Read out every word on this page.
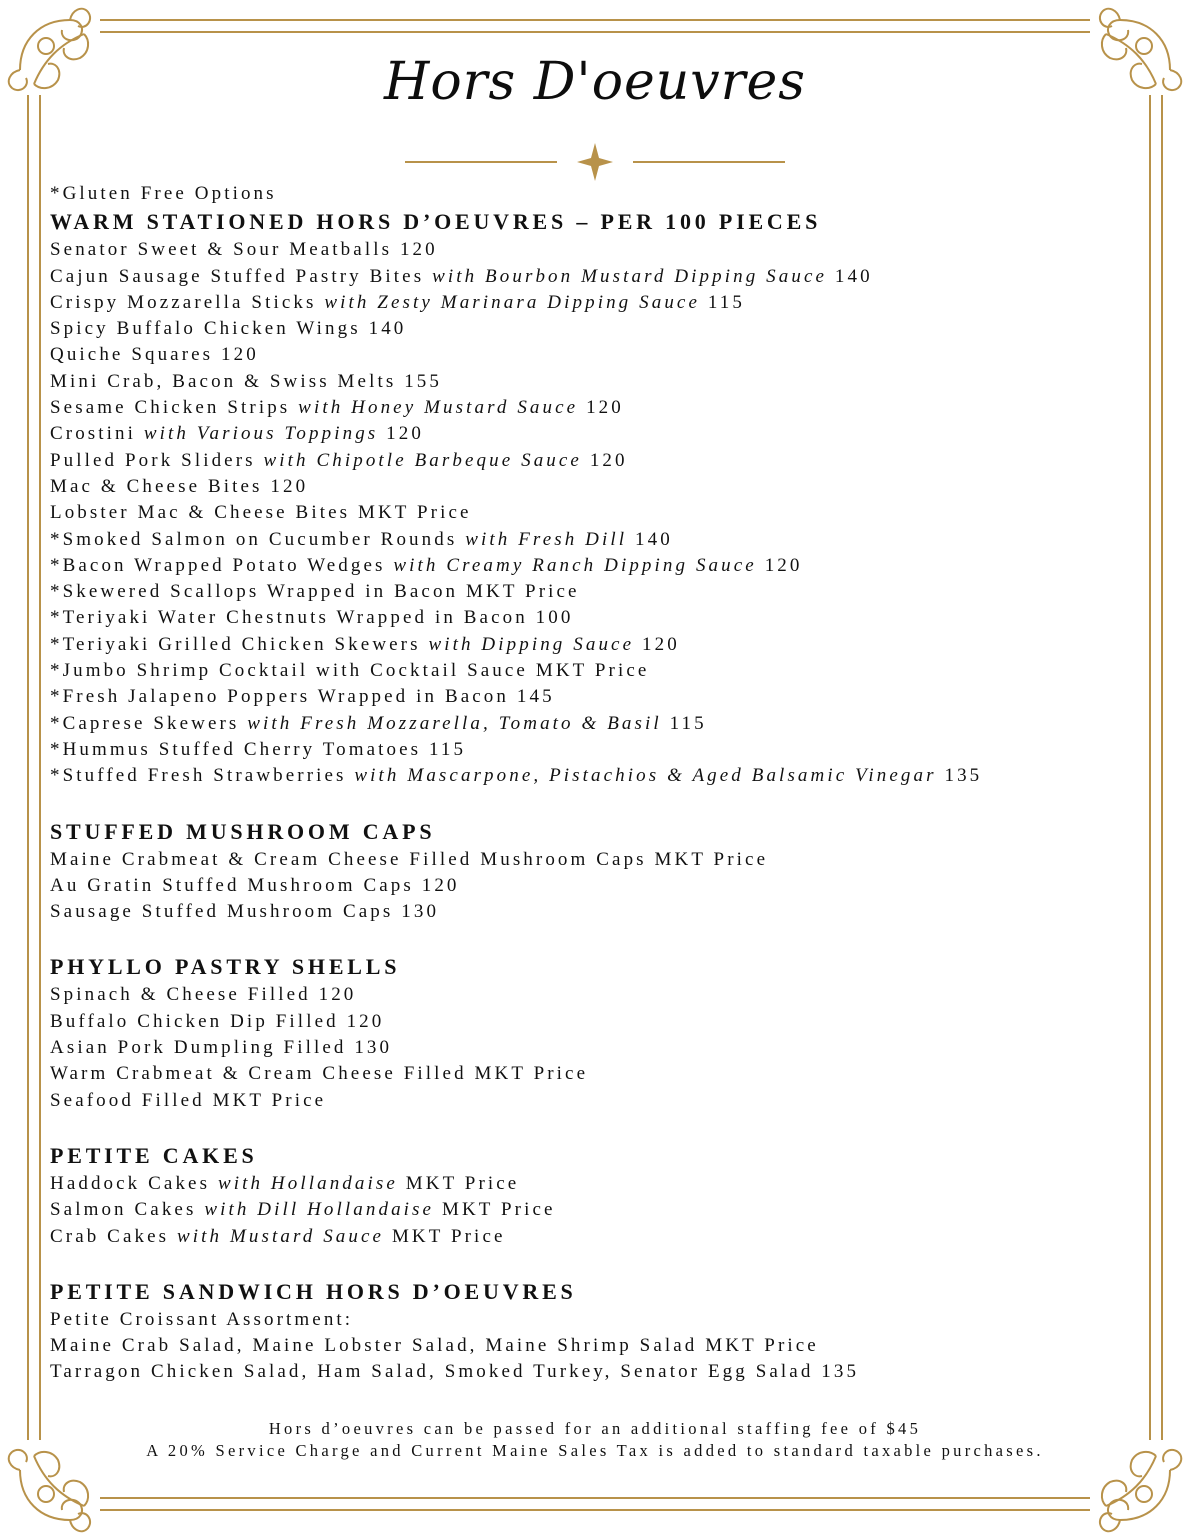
Hors D'oeuvres
*Gluten Free Options
WARM STATIONED HORS D’OEUVRES – PER 100 PIECES
Senator Sweet & Sour Meatballs 120
Cajun Sausage Stuffed Pastry Bites with Bourbon Mustard Dipping Sauce 140
Crispy Mozzarella Sticks with Zesty Marinara Dipping Sauce 115
Spicy Buffalo Chicken Wings 140
Quiche Squares 120
Mini Crab, Bacon & Swiss Melts 155
Sesame Chicken Strips with Honey Mustard Sauce 120
Crostini with Various Toppings 120
Pulled Pork Sliders with Chipotle Barbeque Sauce 120
Mac & Cheese Bites 120
Lobster Mac & Cheese Bites MKT Price
*Smoked Salmon on Cucumber Rounds with Fresh Dill 140
*Bacon Wrapped Potato Wedges with Creamy Ranch Dipping Sauce 120
*Skewered Scallops Wrapped in Bacon MKT Price
*Teriyaki Water Chestnuts Wrapped in Bacon 100
*Teriyaki Grilled Chicken Skewers with Dipping Sauce 120
*Jumbo Shrimp Cocktail with Cocktail Sauce MKT Price
*Fresh Jalapeno Poppers Wrapped in Bacon 145
*Caprese Skewers with Fresh Mozzarella, Tomato & Basil 115
*Hummus Stuffed Cherry Tomatoes 115
*Stuffed Fresh Strawberries with Mascarpone, Pistachios & Aged Balsamic Vinegar 135
STUFFED MUSHROOM CAPS
Maine Crabmeat & Cream Cheese Filled Mushroom Caps MKT Price
Au Gratin Stuffed Mushroom Caps 120
Sausage Stuffed Mushroom Caps 130
PHYLLO PASTRY SHELLS
Spinach & Cheese Filled 120
Buffalo Chicken Dip Filled 120
Asian Pork Dumpling Filled 130
Warm Crabmeat & Cream Cheese Filled MKT Price
Seafood Filled MKT Price
PETITE CAKES
Haddock Cakes with Hollandaise MKT Price
Salmon Cakes with Dill Hollandaise MKT Price
Crab Cakes with Mustard Sauce MKT Price
PETITE SANDWICH HORS D’OEUVRES
Petite Croissant Assortment:
Maine Crab Salad, Maine Lobster Salad, Maine Shrimp Salad MKT Price
Tarragon Chicken Salad, Ham Salad, Smoked Turkey, Senator Egg Salad 135
Hors d’oeuvres can be passed for an additional staffing fee of $45
A 20% Service Charge and Current Maine Sales Tax is added to standard taxable purchases.
